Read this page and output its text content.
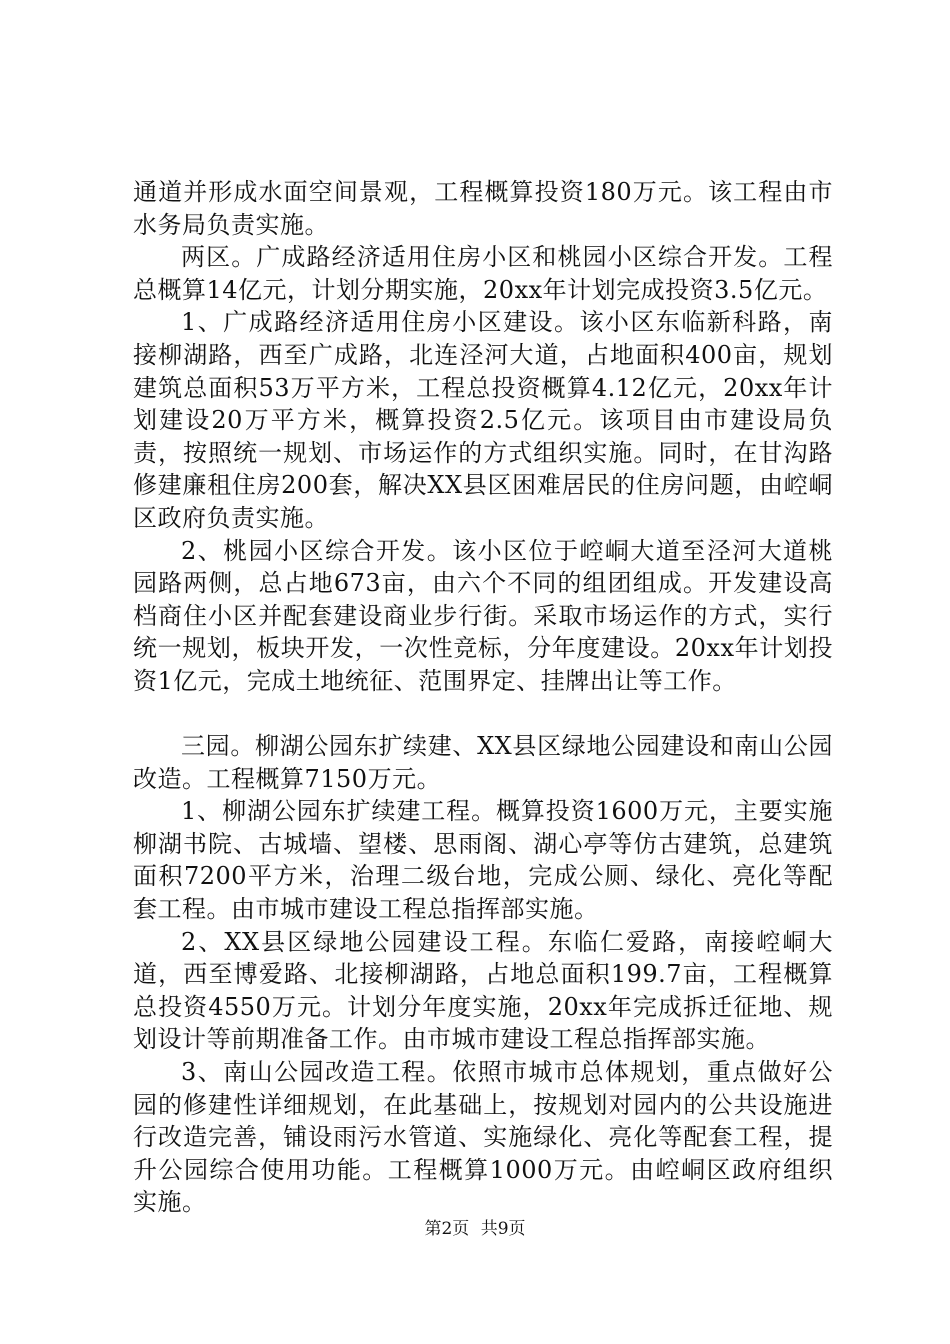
通道并形成水面空间景观，工程概算投资180万元。该工程由市水务局负责实施。

两区。广成路经济适用住房小区和桃园小区综合开发。工程总概算14亿元，计划分期实施，20xx年计划完成投资3.5亿元。

1、广成路经济适用住房小区建设。该小区东临新科路，南接柳湖路，西至广成路，北连泾河大道，占地面积400亩，规划建筑总面积53万平方米，工程总投资概算4.12亿元，20xx年计划建设20万平方米，概算投资2.5亿元。该项目由市建设局负责，按照统一规划、市场运作的方式组织实施。同时，在甘沟路修建廉租住房200套，解决XX县区困难居民的住房问题，由崆峒区政府负责实施。

2、桃园小区综合开发。该小区位于崆峒大道至泾河大道桃园路两侧，总占地673亩，由六个不同的组团组成。开发建设高档商住小区并配套建设商业步行街。采取市场运作的方式，实行统一规划，板块开发，一次性竞标，分年度建设。20xx年计划投资1亿元，完成土地统征、范围界定、挂牌出让等工作。

三园。柳湖公园东扩续建、XX县区绿地公园建设和南山公园改造。工程概算7150万元。

1、柳湖公园东扩续建工程。概算投资1600万元，主要实施柳湖书院、古城墙、望楼、思雨阁、湖心亭等仿古建筑，总建筑面积7200平方米，治理二级台地，完成公厕、绿化、亮化等配套工程。由市城市建设工程总指挥部实施。

2、XX县区绿地公园建设工程。东临仁爱路，南接崆峒大道，西至博爱路、北接柳湖路，占地总面积199.7亩，工程概算总投资4550万元。计划分年度实施，20xx年完成拆迁征地、规划设计等前期准备工作。由市城市建设工程总指挥部实施。

3、南山公园改造工程。依照市城市总体规划，重点做好公园的修建性详细规划，在此基础上，按规划对园内的公共设施进行改造完善，铺设雨污水管道、实施绿化、亮化等配套工程，提升公园综合使用功能。工程概算1000万元。由崆峒区政府组织实施。

第2页 共9页
